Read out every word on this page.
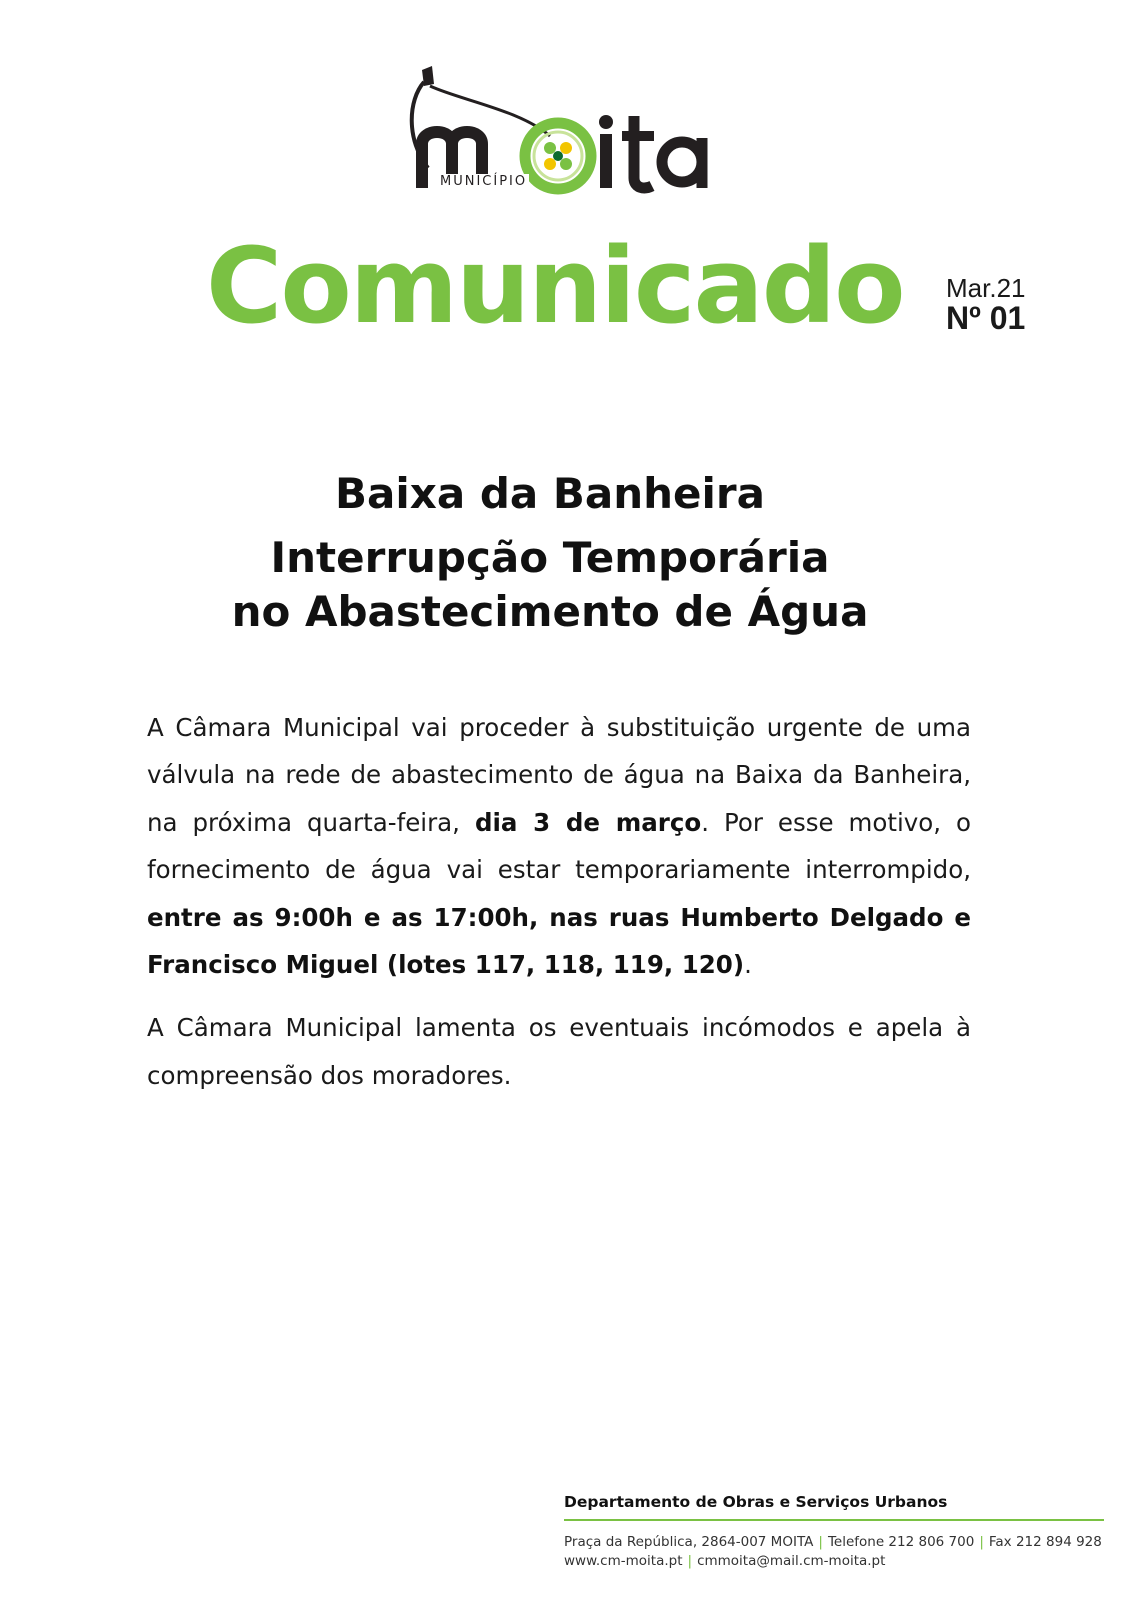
MUNICÍPIO
Comunicado Mar.21
Nº 01
Baixa da Banheira
Interrupção Temporária
no Abastecimento de Água

A Câmara Municipal vai proceder à substituição urgente de uma válvula na rede de abastecimento de água na Baixa da Banheira, na próxima quarta-feira, dia 3 de março. Por esse motivo, o fornecimento de água vai estar temporariamente interrompido, entre as 9:00h e as 17:00h, nas ruas Humberto Delgado e Francisco Miguel (lotes 117, 118, 119, 120).

A Câmara Municipal lamenta os eventuais incómodos e apela à compreensão dos moradores.

Departamento de Obras e Serviços Urbanos
Praça da República, 2864-007 MOITA | Telefone 212 806 700 | Fax 212 894 928
www.cm-moita.pt | cmmoita@mail.cm-moita.pt
